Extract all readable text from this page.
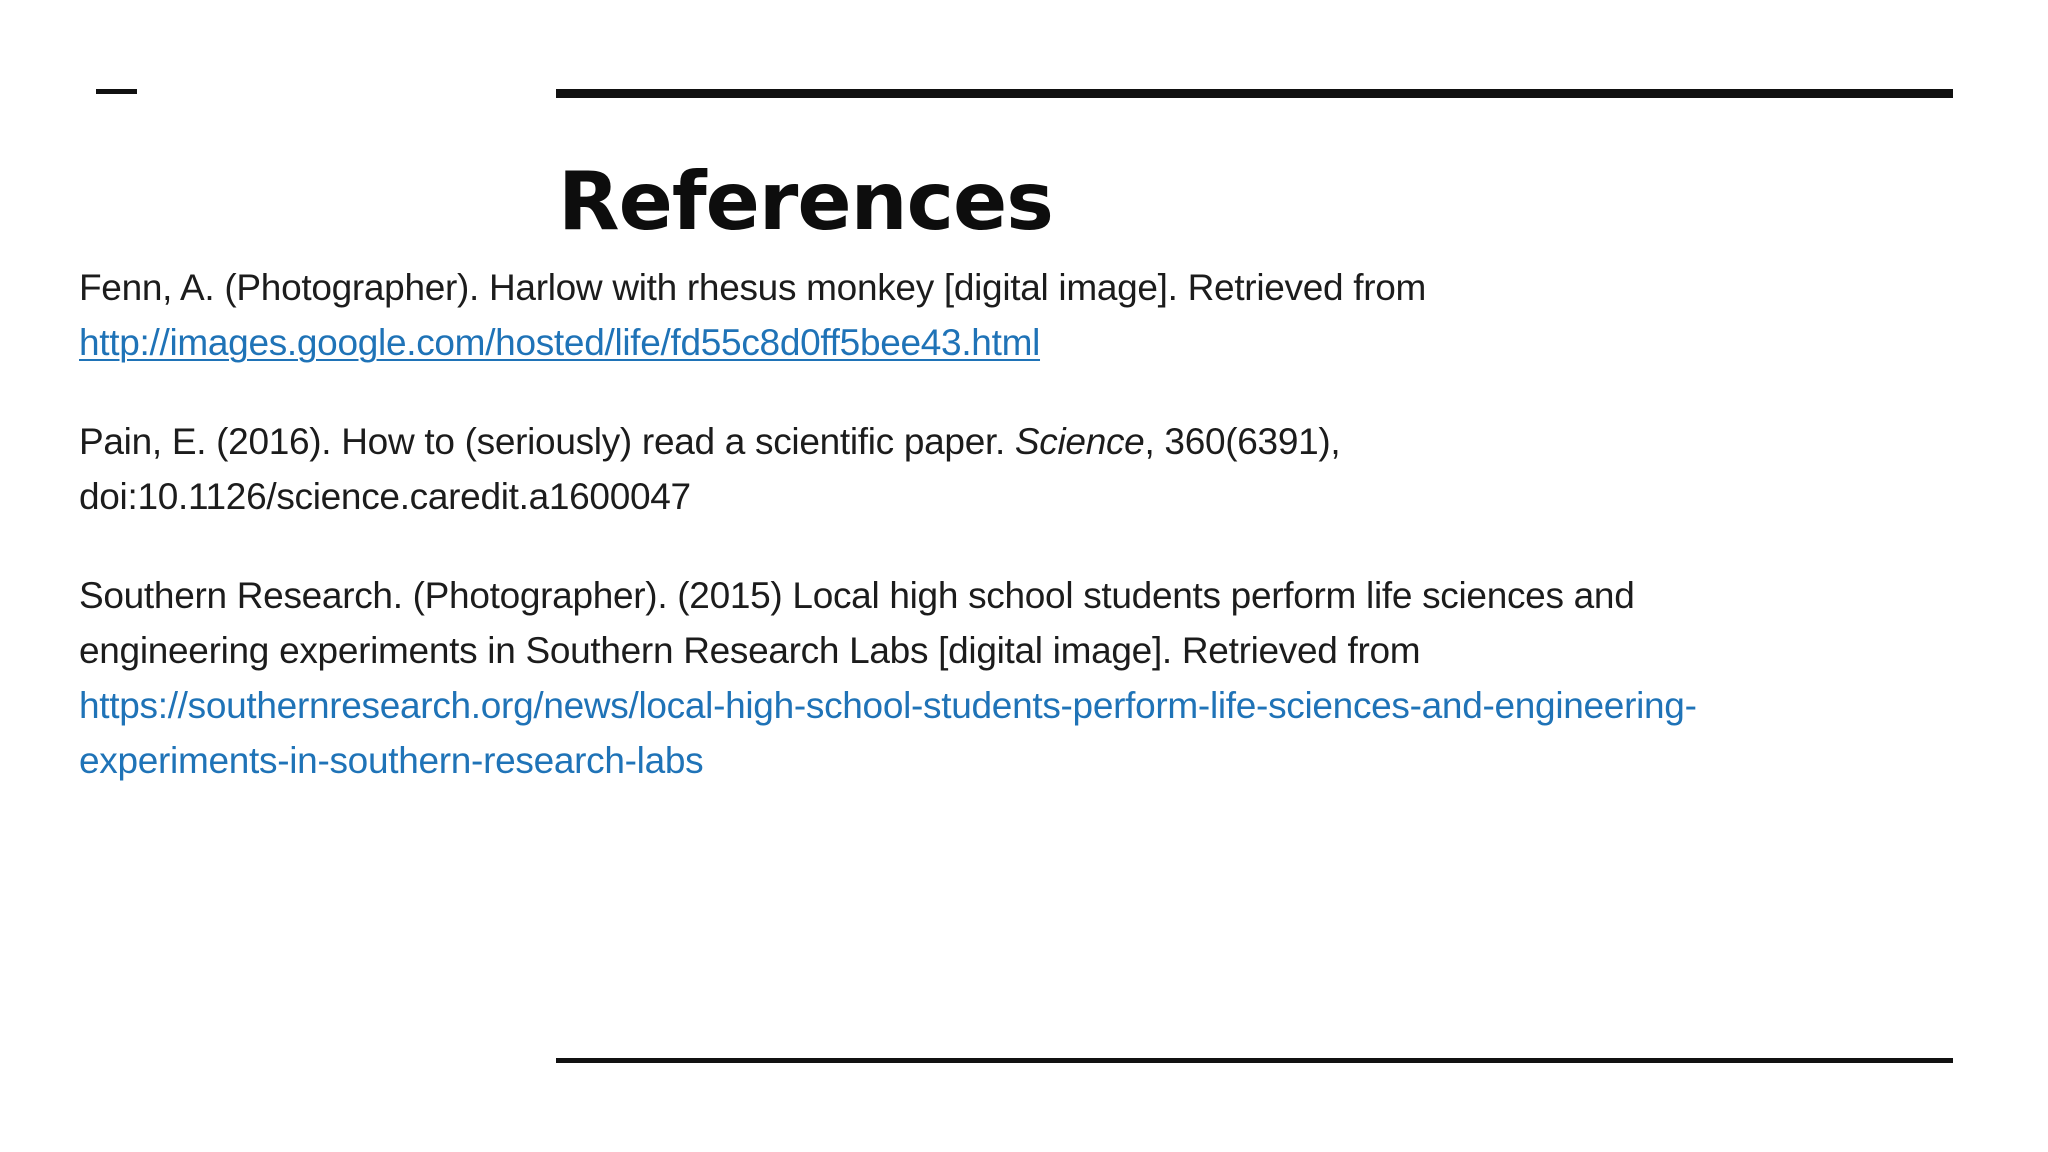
References

Fenn, A. (Photographer). Harlow with rhesus monkey [digital image]. Retrieved from
http://images.google.com/hosted/life/fd55c8d0ff5bee43.html

Pain, E. (2016). How to (seriously) read a scientific paper. Science, 360(6391),
doi:10.1126/science.caredit.a1600047

Southern Research. (Photographer). (2015) Local high school students perform life sciences and
engineering experiments in Southern Research Labs [digital image]. Retrieved from
https://southernresearch.org/news/local-high-school-students-perform-life-sciences-and-engineering-
experiments-in-southern-research-labs
